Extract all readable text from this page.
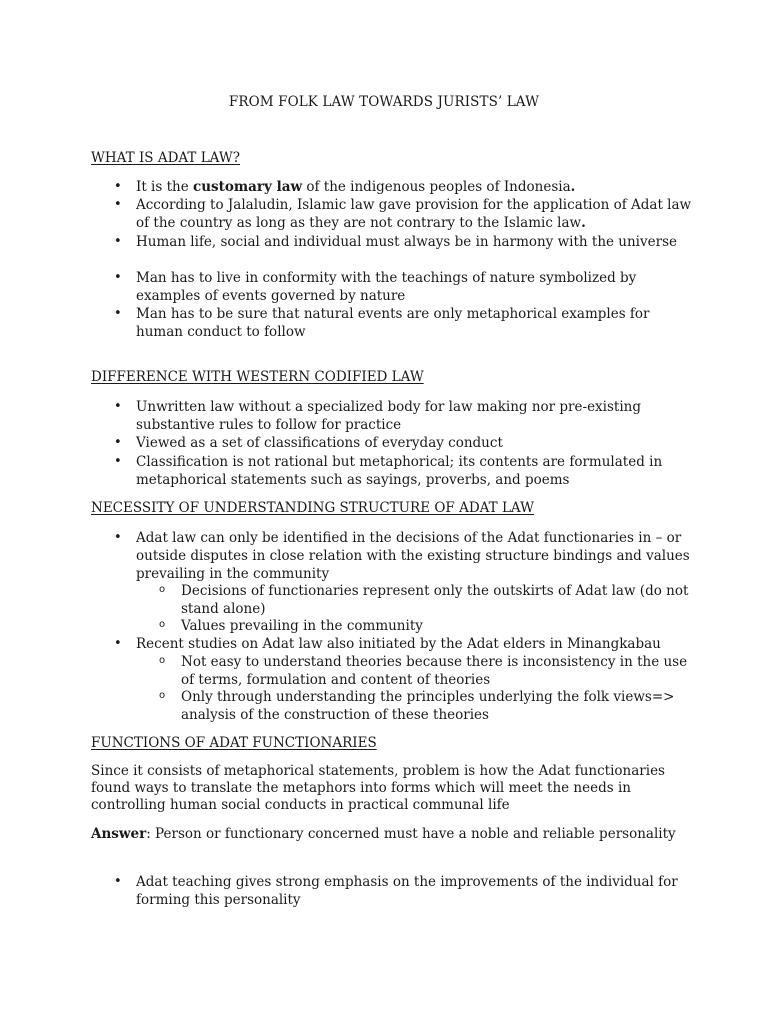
FROM FOLK LAW TOWARDS JURISTS’ LAW
WHAT IS ADAT LAW?
• It is the customary law of the indigenous peoples of Indonesia.
• According to Jalaludin, Islamic law gave provision for the application of Adat law of the country as long as they are not contrary to the Islamic law.
• Human life, social and individual must always be in harmony with the universe
• Man has to live in conformity with the teachings of nature symbolized by examples of events governed by nature
• Man has to be sure that natural events are only metaphorical examples for human conduct to follow
DIFFERENCE WITH WESTERN CODIFIED LAW
• Unwritten law without a specialized body for law making nor pre-existing substantive rules to follow for practice
• Viewed as a set of classifications of everyday conduct
• Classification is not rational but metaphorical; its contents are formulated in metaphorical statements such as sayings, proverbs, and poems
NECESSITY OF UNDERSTANDING STRUCTURE OF ADAT LAW
• Adat law can only be identified in the decisions of the Adat functionaries in – or outside disputes in close relation with the existing structure bindings and values prevailing in the community
o Decisions of functionaries represent only the outskirts of Adat law (do not stand alone)
o Values prevailing in the community
• Recent studies on Adat law also initiated by the Adat elders in Minangkabau
o Not easy to understand theories because there is inconsistency in the use of terms, formulation and content of theories
o Only through understanding the principles underlying the folk views=> analysis of the construction of these theories
FUNCTIONS OF ADAT FUNCTIONARIES
Since it consists of metaphorical statements, problem is how the Adat functionaries found ways to translate the metaphors into forms which will meet the needs in controlling human social conducts in practical communal life
Answer: Person or functionary concerned must have a noble and reliable personality
• Adat teaching gives strong emphasis on the improvements of the individual for forming this personality
